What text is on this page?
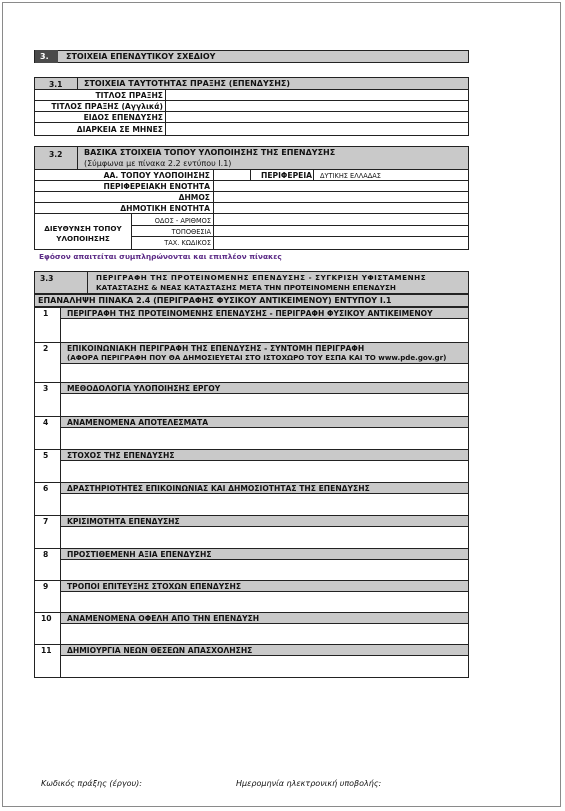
3. ΣΤΟΙΧΕΙΑ ΕΠΕΝΔΥΤΙΚΟΥ ΣΧΕΔΙΟΥ
3.1	ΣΤΟΙΧΕΙΑ ΤΑΥΤΟΤΗΤΑΣ ΠΡΑΞΗΣ (ΕΠΕΝΔΥΣΗΣ)
ΤΙΤΛΟΣ ΠΡΑΞΗΣ
ΤΙΤΛΟΣ ΠΡΑΞΗΣ (Αγγλικά)
ΕΙΔΟΣ ΕΠΕΝΔΥΣΗΣ
ΔΙΑΡΚΕΙΑ ΣΕ ΜΗΝΕΣ
3.2	ΒΑΣΙΚΑ ΣΤΟΙΧΕΙΑ ΤΟΠΟΥ ΥΛΟΠΟΙΗΣΗΣ ΤΗΣ ΕΠΕΝΔΥΣΗΣ
(Σύμφωνα με πίνακα 2.2 εντύπου Ι.1)
ΑΑ. ΤΟΠΟΥ ΥΛΟΠΟΙΗΣΗΣ	ΠΕΡΙΦΕΡΕΙΑ ΔΥΤΙΚΗΣ ΕΛΛΑΔΑΣ
ΠΕΡΙΦΕΡΕΙΑΚΗ ΕΝΟΤΗΤΑ
ΔΗΜΟΣ
ΔΗΜΟΤΙΚΗ ΕΝΟΤΗΤΑ
ΔΙΕΥΘΥΝΣΗ ΤΟΠΟΥ ΥΛΟΠΟΙΗΣΗΣ
ΟΔΟΣ - ΑΡΙΘΜΟΣ
ΤΟΠΟΘΕΣΙΑ
ΤΑΧ. ΚΩΔΙΚΟΣ
Εφόσον απαιτείται συμπληρώνονται και επιπλέον πίνακες
3.3	ΠΕΡΙΓΡΑΦΗ ΤΗΣ ΠΡΟΤΕΙΝΟΜΕΝΗΣ ΕΠΕΝΔΥΣΗΣ - ΣΥΓΚΡΙΣΗ ΥΦΙΣΤΑΜΕΝΗΣ
ΚΑΤΑΣΤΑΣΗΣ & ΝΕΑΣ ΚΑΤΑΣΤΑΣΗΣ ΜΕΤΑ ΤΗΝ ΠΡΟΤΕΙΝΟΜΕΝΗ ΕΠΕΝΔΥΣΗ
ΕΠΑΝΑΛΗΨΗ ΠΙΝΑΚΑ 2.4 (ΠΕΡΙΓΡΑΦΗΣ ΦΥΣΙΚΟΥ ΑΝΤΙΚΕΙΜΕΝΟΥ) ΕΝΤΥΠΟΥ Ι.1
1 ΠΕΡΙΓΡΑΦΗ ΤΗΣ ΠΡΟΤΕΙΝΟΜΕΝΗΣ ΕΠΕΝΔΥΣΗΣ - ΠΕΡΙΓΡΑΦΗ ΦΥΣΙΚΟΥ ΑΝΤΙΚΕΙΜΕΝΟΥ
2 ΕΠΙΚΟΙΝΩΝΙΑΚΗ ΠΕΡΙΓΡΑΦΗ ΤΗΣ ΕΠΕΝΔΥΣΗΣ - ΣΥΝΤΟΜΗ ΠΕΡΙΓΡΑΦΗ
(ΑΦΟΡΑ ΠΕΡΙΓΡΑΦΗ ΠΟΥ ΘΑ ΔΗΜΟΣΙΕΥΕΤΑΙ ΣΤΟ ΙΣΤΟΧΩΡΟ ΤΟΥ ΕΣΠΑ ΚΑΙ ΤΟ www.pde.gov.gr)
3 ΜΕΘΟΔΟΛΟΓΙΑ ΥΛΟΠΟΙΗΣΗΣ ΕΡΓΟΥ
4 ΑΝΑΜΕΝΟΜΕΝΑ ΑΠΟΤΕΛΕΣΜΑΤΑ
5 ΣΤΟΧΟΣ ΤΗΣ ΕΠΕΝΔΥΣΗΣ
6 ΔΡΑΣΤΗΡΙΟΤΗΤΕΣ ΕΠΙΚΟΙΝΩΝΙΑΣ ΚΑΙ ΔΗΜΟΣΙΟΤΗΤΑΣ ΤΗΣ ΕΠΕΝΔΥΣΗΣ
7 ΚΡΙΣΙΜΟΤΗΤΑ ΕΠΕΝΔΥΣΗΣ
8 ΠΡΟΣΤΙΘΕΜΕΝΗ ΑΞΙΑ ΕΠΕΝΔΥΣΗΣ
9 ΤΡΟΠΟΙ ΕΠΙΤΕΥΞΗΣ ΣΤΟΧΩΝ ΕΠΕΝΔΥΣΗΣ
10 ΑΝΑΜΕΝΟΜΕΝΑ ΟΦΕΛΗ ΑΠΟ ΤΗΝ ΕΠΕΝΔΥΣΗ
11 ΔΗΜΙΟΥΡΓΙΑ ΝΕΩΝ ΘΕΣΕΩΝ ΑΠΑΣΧΟΛΗΣΗΣ
Κωδικός πράξης (έργου):	Ημερομηνία ηλεκτρονική υποβολής:
